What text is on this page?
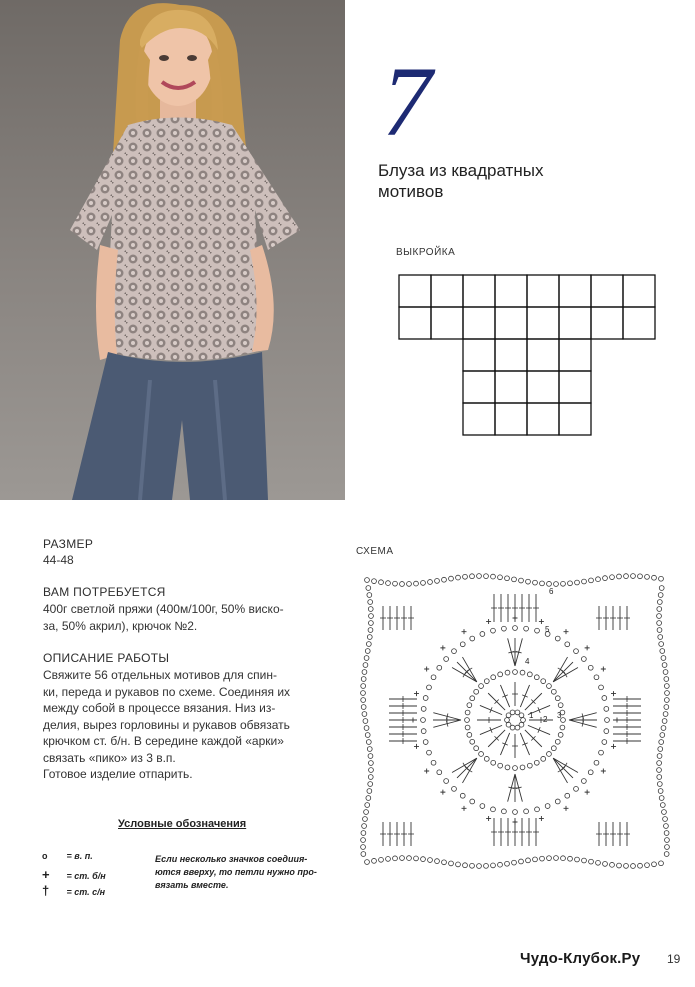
7
Блуза из квадратных
мотивов
ВЫКРОЙКА
РАЗМЕР
44-48
ВАМ ПОТРЕБУЕТСЯ
400г светлой пряжи (400м/100г, 50% виско-
за, 50% акрил), крючок №2.
ОПИСАНИЕ РАБОТЫ
Свяжите 56 отдельных мотивов для спин-
ки, переда и рукавов по схеме. Соединяя их
между собой в процессе вязания. Низ из-
делия, вырез горловины и рукавов обвязать
крючком ст. б/н. В середине каждой «арки»
связать «пико» из 3 в.п.
Готовое изделие отпарить.
Условные обозначения
o = в. п.
+ = ст. б/н
† = ст. с/н
Если несколько значков соедиия-
ются вверху, то петли нужно про-
вязать вместе.
СХЕМА
1 2 3
4
5
6
Чудо-Клубок.Ру	19
